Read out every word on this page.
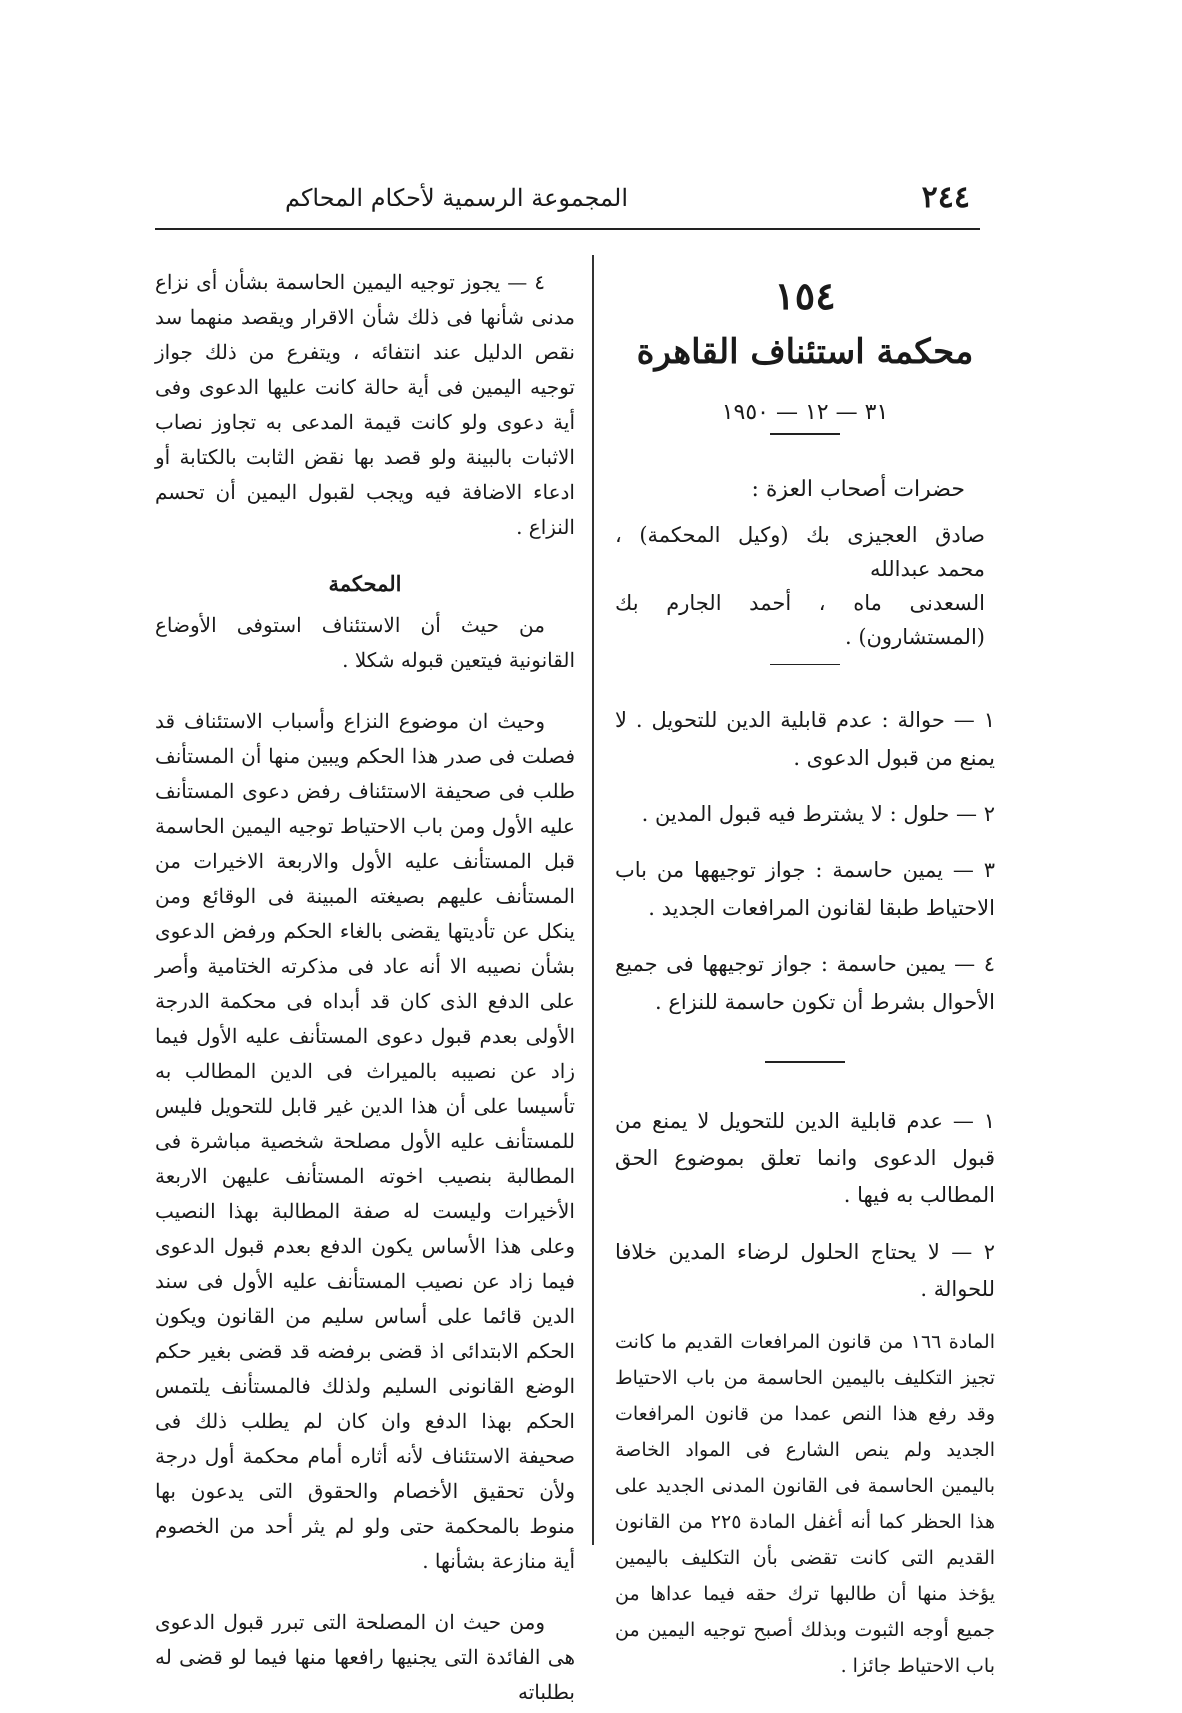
٢٤٤
المجموعة الرسمية لأحكام المحاكم
١٥٤
محكمة استئناف القاهرة
٣١ — ١٢ — ١٩٥٠
حضرات أصحاب العزة :
صادق العجيزى بك (وكيل المحكمة) ، محمد عبدالله
السعدنى ماه ، أحمد الجارم بك (المستشارون) .
١ — حوالة : عدم قابلية الدين للتحويل . لا يمنع من قبول الدعوى .
٢ — حلول : لا يشترط فيه قبول المدين .
٣ — يمين حاسمة : جواز توجيهها من باب الاحتياط طبقا لقانون المرافعات الجديد .
٤ — يمين حاسمة : جواز توجيهها فى جميع الأحوال بشرط أن تكون حاسمة للنزاع .
١ — عدم قابلية الدين للتحويل لا يمنع من قبول الدعوى وانما تعلق بموضوع الحق المطالب به فيها .
٢ — لا يحتاج الحلول لرضاء المدين خلافا للحوالة .
المادة ١٦٦ من قانون المرافعات القديم ما كانت تجيز التكليف باليمين الحاسمة من باب الاحتياط وقد رفع هذا النص عمدا من قانون المرافعات الجديد ولم ينص الشارع فى المواد الخاصة باليمين الحاسمة فى القانون المدنى الجديد على هذا الحظر كما أنه أغفل المادة ٢٢٥ من القانون القديم التى كانت تقضى بأن التكليف باليمين يؤخذ منها أن طالبها ترك حقه فيما عداها من جميع أوجه الثبوت وبذلك أصبح توجيه اليمين من باب الاحتياط جائزا .

٤ — يجوز توجيه اليمين الحاسمة بشأن أى نزاع مدنى شأنها فى ذلك شأن الاقرار ويقصد منهما سد نقص الدليل عند انتفائه ، ويتفرع من ذلك جواز توجيه اليمين فى أية حالة كانت عليها الدعوى وفى أية دعوى ولو كانت قيمة المدعى به تجاوز نصاب الاثبات بالبينة ولو قصد بها نقض الثابت بالكتابة أو ادعاء الاضافة فيه ويجب لقبول اليمين أن تحسم النزاع .

المحكمة

من حيث أن الاستئناف استوفى الأوضاع القانونية فيتعين قبوله شكلا .

وحيث ان موضوع النزاع وأسباب الاستئناف قد فصلت فى صدر هذا الحكم ويبين منها أن المستأنف طلب فى صحيفة الاستئناف رفض دعوى المستأنف عليه الأول ومن باب الاحتياط توجيه اليمين الحاسمة قبل المستأنف عليه الأول والاربعة الاخيرات من المستأنف عليهم بصيغته المبينة فى الوقائع ومن ينكل عن تأديتها يقضى بالغاء الحكم ورفض الدعوى بشأن نصيبه الا أنه عاد فى مذكرته الختامية وأصر على الدفع الذى كان قد أبداه فى محكمة الدرجة الأولى بعدم قبول دعوى المستأنف عليه الأول فيما زاد عن نصيبه بالميراث فى الدين المطالب به تأسيسا على أن هذا الدين غير قابل للتحويل فليس للمستأنف عليه الأول مصلحة شخصية مباشرة فى المطالبة بنصيب اخوته المستأنف عليهن الاربعة الأخيرات وليست له صفة المطالبة بهذا النصيب وعلى هذا الأساس يكون الدفع بعدم قبول الدعوى فيما زاد عن نصيب المستأنف عليه الأول فى سند الدين قائما على أساس سليم من القانون ويكون الحكم الابتدائى اذ قضى برفضه قد قضى بغير حكم الوضع القانونى السليم ولذلك فالمستأنف يلتمس الحكم بهذا الدفع وان كان لم يطلب ذلك فى صحيفة الاستئناف لأنه أثاره أمام محكمة أول درجة ولأن تحقيق الأخصام والحقوق التى يدعون بها منوط بالمحكمة حتى ولو لم يثر أحد من الخصوم أية منازعة بشأنها .

ومن حيث ان المصلحة التى تبرر قبول الدعوى هى الفائدة التى يجنيها رافعها منها فيما لو قضى له بطلباته
